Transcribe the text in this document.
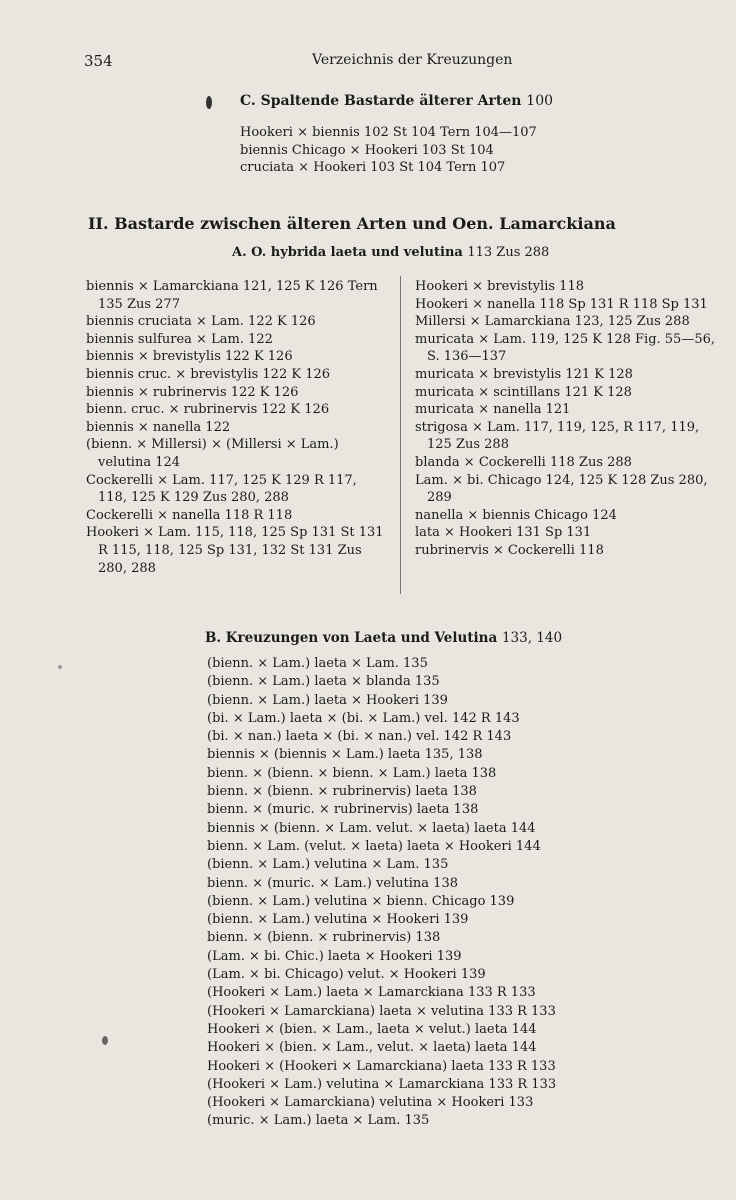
354	Verzeichnis der Kreuzungen
C. Spaltende Bastarde älterer Arten 100
Hookeri × biennis 102 St 104 Tern 104—107
biennis Chicago × Hookeri 103 St 104
cruciata × Hookeri 103 St 104 Tern 107
II. Bastarde zwischen älteren Arten und Oen. Lamarckiana
A. O. hybrida laeta und velutina 113 Zus 288
biennis × Lamarckiana 121, 125 K 126 Tern 135 Zus 277
biennis cruciata × Lam. 122 K 126
biennis sulfurea × Lam. 122
biennis × brevistylis 122 K 126
biennis cruc. × brevistylis 122 K 126
biennis × rubrinervis 122 K 126
bienn. cruc. × rubrinervis 122 K 126
biennis × nanella 122
(bienn. × Millersi) × (Millersi × Lam.) velutina 124
Cockerelli × Lam. 117, 125 K 129 R 117, 118, 125 K 129 Zus 280, 288
Cockerelli × nanella 118 R 118
Hookeri × Lam. 115, 118, 125 Sp 131 St 131 R 115, 118, 125 Sp 131, 132 St 131 Zus 280, 288
Hookeri × brevistylis 118
Hookeri × nanella 118 Sp 131 R 118 Sp 131
Millersi × Lamarckiana 123, 125 Zus 288
muricata × Lam. 119, 125 K 128 Fig. 55—56, S. 136—137
muricata × brevistylis 121 K 128
muricata × scintillans 121 K 128
muricata × nanella 121
strigosa × Lam. 117, 119, 125, R 117, 119, 125 Zus 288
blanda × Cockerelli 118 Zus 288
Lam. × bi. Chicago 124, 125 K 128 Zus 280, 289
nanella × biennis Chicago 124
lata × Hookeri 131 Sp 131
rubrinervis × Cockerelli 118
B. Kreuzungen von Laeta und Velutina 133, 140
(bienn. × Lam.) laeta × Lam. 135
(bienn. × Lam.) laeta × blanda 135
(bienn. × Lam.) laeta × Hookeri 139
(bi. × Lam.) laeta × (bi. × Lam.) vel. 142 R 143
(bi. × nan.) laeta × (bi. × nan.) vel. 142 R 143
biennis × (biennis × Lam.) laeta 135, 138
bienn. × (bienn. × bienn. × Lam.) laeta 138
bienn. × (bienn. × rubrinervis) laeta 138
bienn. × (muric. × rubrinervis) laeta 138
biennis × (bienn. × Lam. velut. × laeta) laeta 144
bienn. × Lam. (velut. × laeta) laeta × Hookeri 144
(bienn. × Lam.) velutina × Lam. 135
bienn. × (muric. × Lam.) velutina 138
(bienn. × Lam.) velutina × bienn. Chicago 139
(bienn. × Lam.) velutina × Hookeri 139
bienn. × (bienn. × rubrinervis) 138
(Lam. × bi. Chic.) laeta × Hookeri 139
(Lam. × bi. Chicago) velut. × Hookeri 139
(Hookeri × Lam.) laeta × Lamarckiana 133 R 133
(Hookeri × Lamarckiana) laeta × velutina 133 R 133
Hookeri × (bien. × Lam., laeta × velut.) laeta 144
Hookeri × (bien. × Lam., velut. × laeta) laeta 144
Hookeri × (Hookeri × Lamarckiana) laeta 133 R 133
(Hookeri × Lam.) velutina × Lamarckiana 133 R 133
(Hookeri × Lamarckiana) velutina × Hookeri 133
(muric. × Lam.) laeta × Lam. 135
